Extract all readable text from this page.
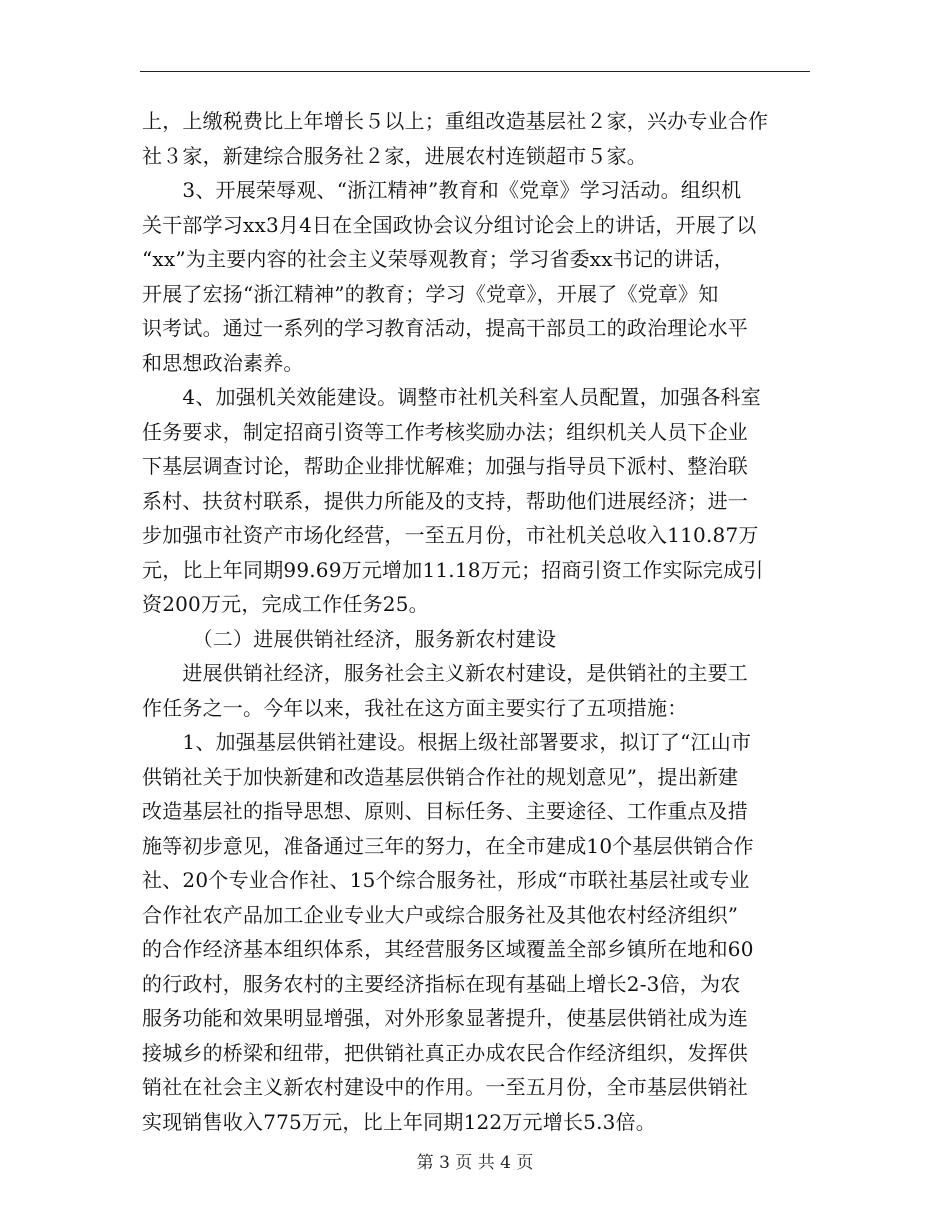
上，上缴税费比上年增长５以上；重组改造基层社２家，兴办专业合作
社３家，新建综合服务社２家，进展农村连锁超市５家。
　　3、开展荣辱观、“浙江精神”教育和《党章》学习活动。组织机
关干部学习xx3月4日在全国政协会议分组讨论会上的讲话，开展了以
“xx”为主要内容的社会主义荣辱观教育；学习省委xx书记的讲话，
开展了宏扬“浙江精神”的教育；学习《党章》，开展了《党章》知
识考试。通过一系列的学习教育活动，提高干部员工的政治理论水平
和思想政治素养。
　　4、加强机关效能建设。调整市社机关科室人员配置，加强各科室
任务要求，制定招商引资等工作考核奖励办法；组织机关人员下企业
下基层调查讨论，帮助企业排忧解难；加强与指导员下派村、整治联
系村、扶贫村联系，提供力所能及的支持，帮助他们进展经济；进一
步加强市社资产市场化经营，一至五月份，市社机关总收入110.87万
元，比上年同期99.69万元增加11.18万元；招商引资工作实际完成引
资200万元，完成工作任务25。
　　　（二）进展供销社经济，服务新农村建设
　　进展供销社经济，服务社会主义新农村建设，是供销社的主要工
作任务之一。今年以来，我社在这方面主要实行了五项措施：
　　1、加强基层供销社建设。根据上级社部署要求，拟订了“江山市
供销社关于加快新建和改造基层供销合作社的规划意见”，提出新建
改造基层社的指导思想、原则、目标任务、主要途径、工作重点及措
施等初步意见，准备通过三年的努力，在全市建成10个基层供销合作
社、20个专业合作社、15个综合服务社，形成“市联社基层社或专业
合作社农产品加工企业专业大户或综合服务社及其他农村经济组织”
的合作经济基本组织体系，其经营服务区域覆盖全部乡镇所在地和60
的行政村，服务农村的主要经济指标在现有基础上增长2-3倍，为农
服务功能和效果明显增强，对外形象显著提升，使基层供销社成为连
接城乡的桥梁和纽带，把供销社真正办成农民合作经济组织，发挥供
销社在社会主义新农村建设中的作用。一至五月份，全市基层供销社
实现销售收入775万元，比上年同期122万元增长5.3倍。
第 3 页 共 4 页
